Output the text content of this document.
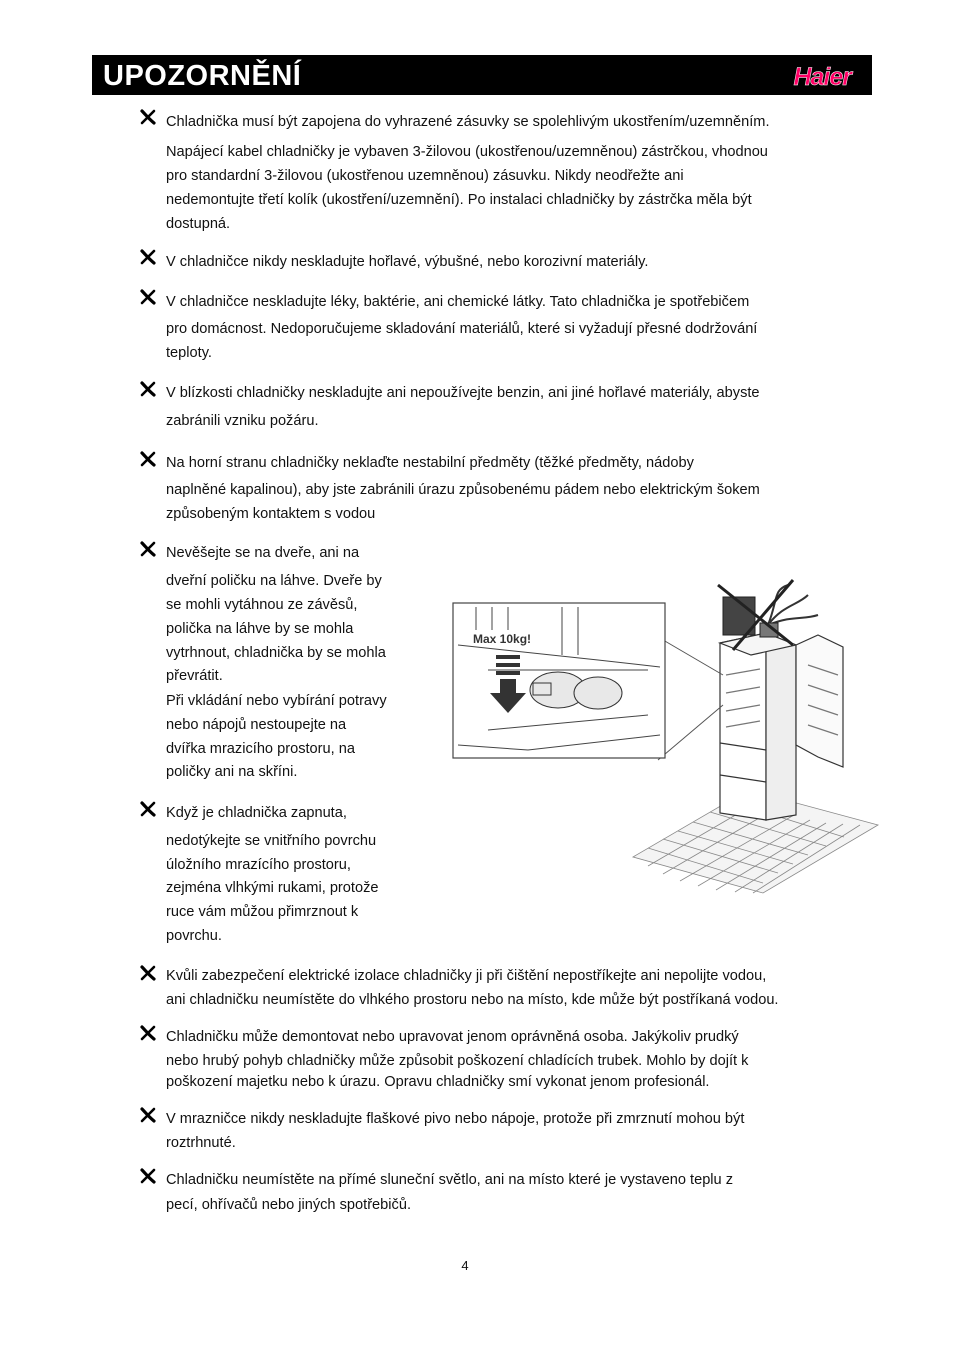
UPOZORNĚNÍ	Haier
Chladnička musí být zapojena do vyhrazené zásuvky se spolehlivým ukostřením/uzemněním.
Napájecí kabel chladničky je vybaven 3-žilovou (ukostřenou/uzemněnou) zástrčkou, vhodnou
pro standardní 3-žilovou (ukostřenou uzemněnou) zásuvku. Nikdy neodřežte ani
nedemontujte třetí kolík (ukostření/uzemnění). Po instalaci chladničky by zástrčka měla být
dostupná.
V chladničce nikdy neskladujte hořlavé, výbušné, nebo korozivní materiály.
V chladničce neskladujte léky, baktérie, ani chemické látky. Tato chladnička je spotřebičem
pro domácnost. Nedoporučujeme skladování materiálů, které si vyžadují přesné dodržování
teploty.
V blízkosti chladničky neskladujte ani nepoužívejte benzin, ani jiné hořlavé materiály, abyste
zabránili vzniku požáru.
Na horní stranu chladničky neklaďte nestabilní předměty (těžké předměty, nádoby
naplněné kapalinou), aby jste zabránili úrazu způsobenému pádem nebo elektrickým šokem
způsobeným kontaktem s vodou
Nevěšejte se na dveře, ani na
dveřní poličku na láhve. Dveře by
se mohli vytáhnou ze závěsů,
polička na láhve by se mohla
vytrhnout, chladnička by se mohla
převrátit.
Při vkládání nebo vybírání potravy
nebo nápojů nestoupejte na
dvířka mrazicího prostoru, na
poličky ani na skříni.
Když je chladnička zapnuta,
nedotýkejte se vnitřního povrchu
úložního mrazícího prostoru,
zejména vlhkými rukami, protože
ruce vám můžou přimrznout k
povrchu.
Kvůli zabezpečení elektrické izolace chladničky ji při čištění nepostříkejte ani nepolijte vodou,
ani chladničku neumístěte do vlhkého prostoru nebo na místo, kde může být postříkaná vodou.
Chladničku může demontovat nebo upravovat jenom oprávněná osoba. Jakýkoliv prudký
nebo hrubý pohyb chladničky může způsobit poškození chladících trubek. Mohlo by dojít k
poškození majetku nebo k úrazu. Opravu chladničky smí vykonat jenom profesionál.
V mrazničce nikdy neskladujte flaškové pivo nebo nápoje, protože při zmrznutí mohou být
roztrhnuté.
Chladničku neumístěte na přímé sluneční světlo, ani na místo které je vystaveno teplu z
pecí, ohřívačů nebo jiných spotřebičů.
Max 10kg!
4
